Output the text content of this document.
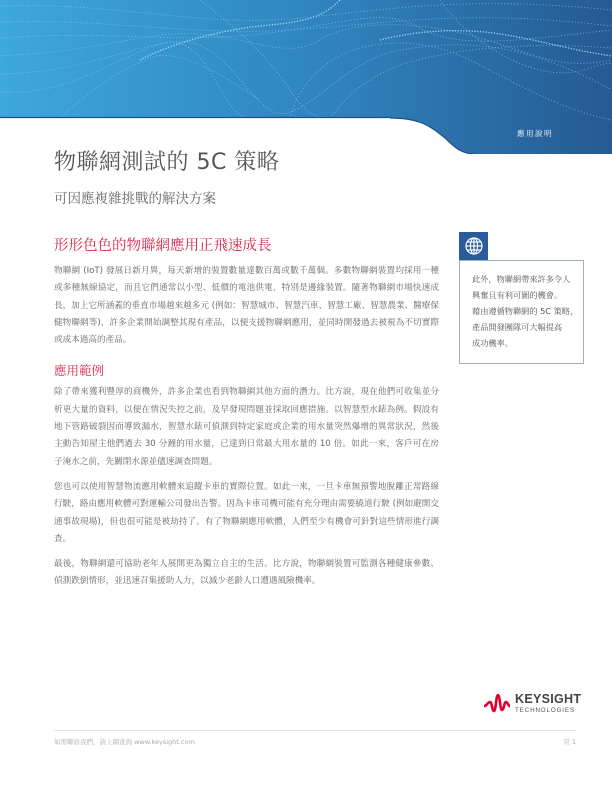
應用說明
物聯網測試的 5C 策略
可因應複雜挑戰的解決方案
形形色色的物聯網應用正飛速成長

物聯網 (IoT) 發展日新月異，每天新增的裝置數量達數百萬或數千萬個。多數物聯網裝置均採用一種或多種無線協定，而且它們通常以小型、低價的電池供電，特別是邊緣裝置。隨著物聯網市場快速成長，加上它所涵蓋的垂直市場越來越多元 (例如：智慧城市、智慧汽車、智慧工廠、智慧農業、醫療保健物聯網等)，許多企業開始調整其現有產品，以便支援物聯網應用，並同時開發過去被視為不切實際或成本過高的產品。

應用範例

除了帶來獲利豐厚的商機外，許多企業也看到物聯網其他方面的潛力。比方說，現在他們可收集並分析更大量的資料，以便在情況失控之前，及早發現問題並採取回應措施。以智慧型水錶為例。假設有地下管路破裂因而導致漏水，智慧水錶可偵測到特定家庭或企業的用水量突然爆增的異常狀況，然後主動告知屋主他們過去 30 分鐘的用水量，已達到日常最大用水量的 10 倍。如此一來，客戶可在房子淹水之前，先關閉水源並儘速調查問題。

您也可以使用智慧物流應用軟體來追蹤卡車的實際位置。如此一來，一旦卡車無預警地脫離正常路線行駛，路由應用軟體可對運輸公司發出告警。因為卡車司機可能有充分理由需要繞道行駛 (例如避開交通事故現場)，但也很可能是被劫持了。有了物聯網應用軟體，人們至少有機會可針對這些情形進行調查。

最後，物聯網還可協助老年人展開更為獨立自主的生活。比方說，物聯網裝置可監測各種健康參數、偵測跌倒情形，並迅速召集援助人力，以減少老齡人口遭遇風險機率。

此外，物聯網帶來許多令人
興奮且有利可圖的機會。
藉由遵循物聯網的 5C 策略，
產品開發團隊可大幅提高
成功機率。
KEYSIGHT
TECHNOLOGIES
如需聯絡我們，請上網查詢 www.keysight.com	頁 1
